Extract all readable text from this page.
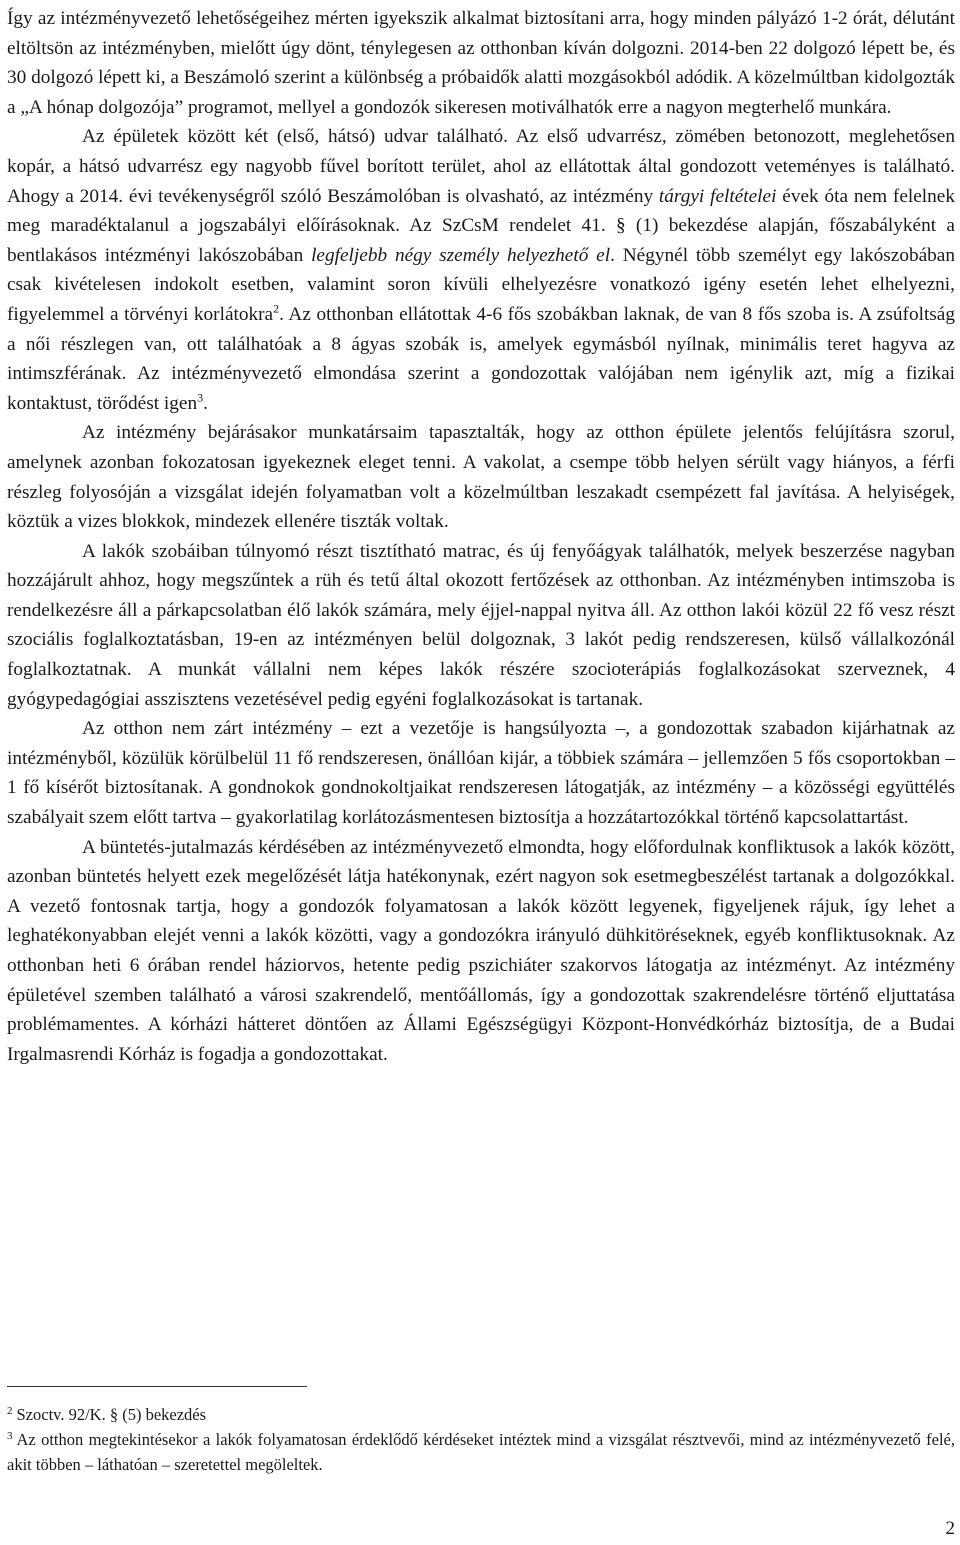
Így az intézményvezető lehetőségeihez mérten igyekszik alkalmat biztosítani arra, hogy minden pályázó 1-2 órát, délutánt eltöltsön az intézményben, mielőtt úgy dönt, ténylegesen az otthonban kíván dolgozni. 2014-ben 22 dolgozó lépett be, és 30 dolgozó lépett ki, a Beszámoló szerint a különbség a próbaidők alatti mozgásokból adódik. A közelmúltban kidolgozták a „A hónap dolgozója” programot, mellyel a gondozók sikeresen motiválhatók erre a nagyon megterhelő munkára.

Az épületek között két (első, hátsó) udvar található. Az első udvarrész, zömében betonozott, meglehetősen kopár, a hátsó udvarrész egy nagyobb fűvel borított terület, ahol az ellátottak által gondozott veteményes is található. Ahogy a 2014. évi tevékenységről szóló Beszámolóban is olvasható, az intézmény tárgyi feltételei évek óta nem felelnek meg maradéktalanul a jogszabályi előírásoknak. Az SzCsM rendelet 41. § (1) bekezdése alapján, főszabályként a bentlakásos intézményi lakószobában legfeljebb négy személy helyezhető el. Négynél több személyt egy lakószobában csak kivételesen indokolt esetben, valamint soron kívüli elhelyezésre vonatkozó igény esetén lehet elhelyezni, figyelemmel a törvényi korlátokra$^2$. Az otthonban ellátottak 4-6 fős szobákban laknak, de van 8 fős szoba is. A zsúfoltság a női részlegen van, ott találhatóak a 8 ágyas szobák is, amelyek egymásból nyílnak, minimális teret hagyva az intimszférának. Az intézményvezető elmondása szerint a gondozottak valójában nem igénylik azt, míg a fizikai kontaktust, törődést igen$^3$.

Az intézmény bejárásakor munkatársaim tapasztalták, hogy az otthon épülete jelentős felújításra szorul, amelynek azonban fokozatosan igyekeznek eleget tenni. A vakolat, a csempe több helyen sérült vagy hiányos, a férfi részleg folyosóján a vizsgálat idején folyamatban volt a közelmúltban leszakadt csempézett fal javítása. A helyiségek, köztük a vizes blokkok, mindezek ellenére tiszták voltak.

A lakók szobáiban túlnyomó részt tisztítható matrac, és új fenyőágyak találhatók, melyek beszerzése nagyban hozzájárult ahhoz, hogy megszűntek a rüh és tetű által okozott fertőzések az otthonban. Az intézményben intimszoba is rendelkezésre áll a párkapcsolatban élő lakók számára, mely éjjel-nappal nyitva áll. Az otthon lakói közül 22 fő vesz részt szociális foglalkoztatásban, 19-en az intézményen belül dolgoznak, 3 lakót pedig rendszeresen, külső vállalkozónál foglalkoztatnak. A munkát vállalni nem képes lakók részére szocioterápiás foglalkozásokat szerveznek, 4 gyógypedagógiai asszisztens vezetésével pedig egyéni foglalkozásokat is tartanak.

Az otthon nem zárt intézmény – ezt a vezetője is hangsúlyozta –, a gondozottak szabadon kijárhatnak az intézményből, közülük körülbelül 11 fő rendszeresen, önállóan kijár, a többiek számára – jellemzően 5 fős csoportokban – 1 fő kísérőt biztosítanak. A gondnokok gondnokoltjaikat rendszeresen látogatják, az intézmény – a közösségi együttélés szabályait szem előtt tartva – gyakorlatilag korlátozásmentesen biztosítja a hozzátartozókkal történő kapcsolattartást.

A büntetés-jutalmazás kérdésében az intézményvezető elmondta, hogy előfordulnak konfliktusok a lakók között, azonban büntetés helyett ezek megelőzését látja hatékonynak, ezért nagyon sok esetmegbeszélést tartanak a dolgozókkal. A vezető fontosnak tartja, hogy a gondozók folyamatosan a lakók között legyenek, figyeljenek rájuk, így lehet a leghatékonyabban elejét venni a lakók közötti, vagy a gondozókra irányuló dühkitöréseknek, egyéb konfliktusoknak. Az otthonban heti 6 órában rendel háziorvos, hetente pedig pszichiáter szakorvos látogatja az intézményt. Az intézmény épületével szemben található a városi szakrendelő, mentőállomás, így a gondozottak szakrendelésre történő eljuttatása problémamentes. A kórházi hátteret döntően az Állami Egészségügyi Központ-Honvédkórház biztosítja, de a Budai Irgalmasrendi Kórház is fogadja a gondozottakat.

$^2$ Szoctv. 92/K. § (5) bekezdés

$^3$ Az otthon megtekintésekor a lakók folyamatosan érdeklődő kérdéseket intéztek mind a vizsgálat résztvevői, mind az intézményvezető felé, akit többen – láthatóan – szeretettel megöleltek.

2
